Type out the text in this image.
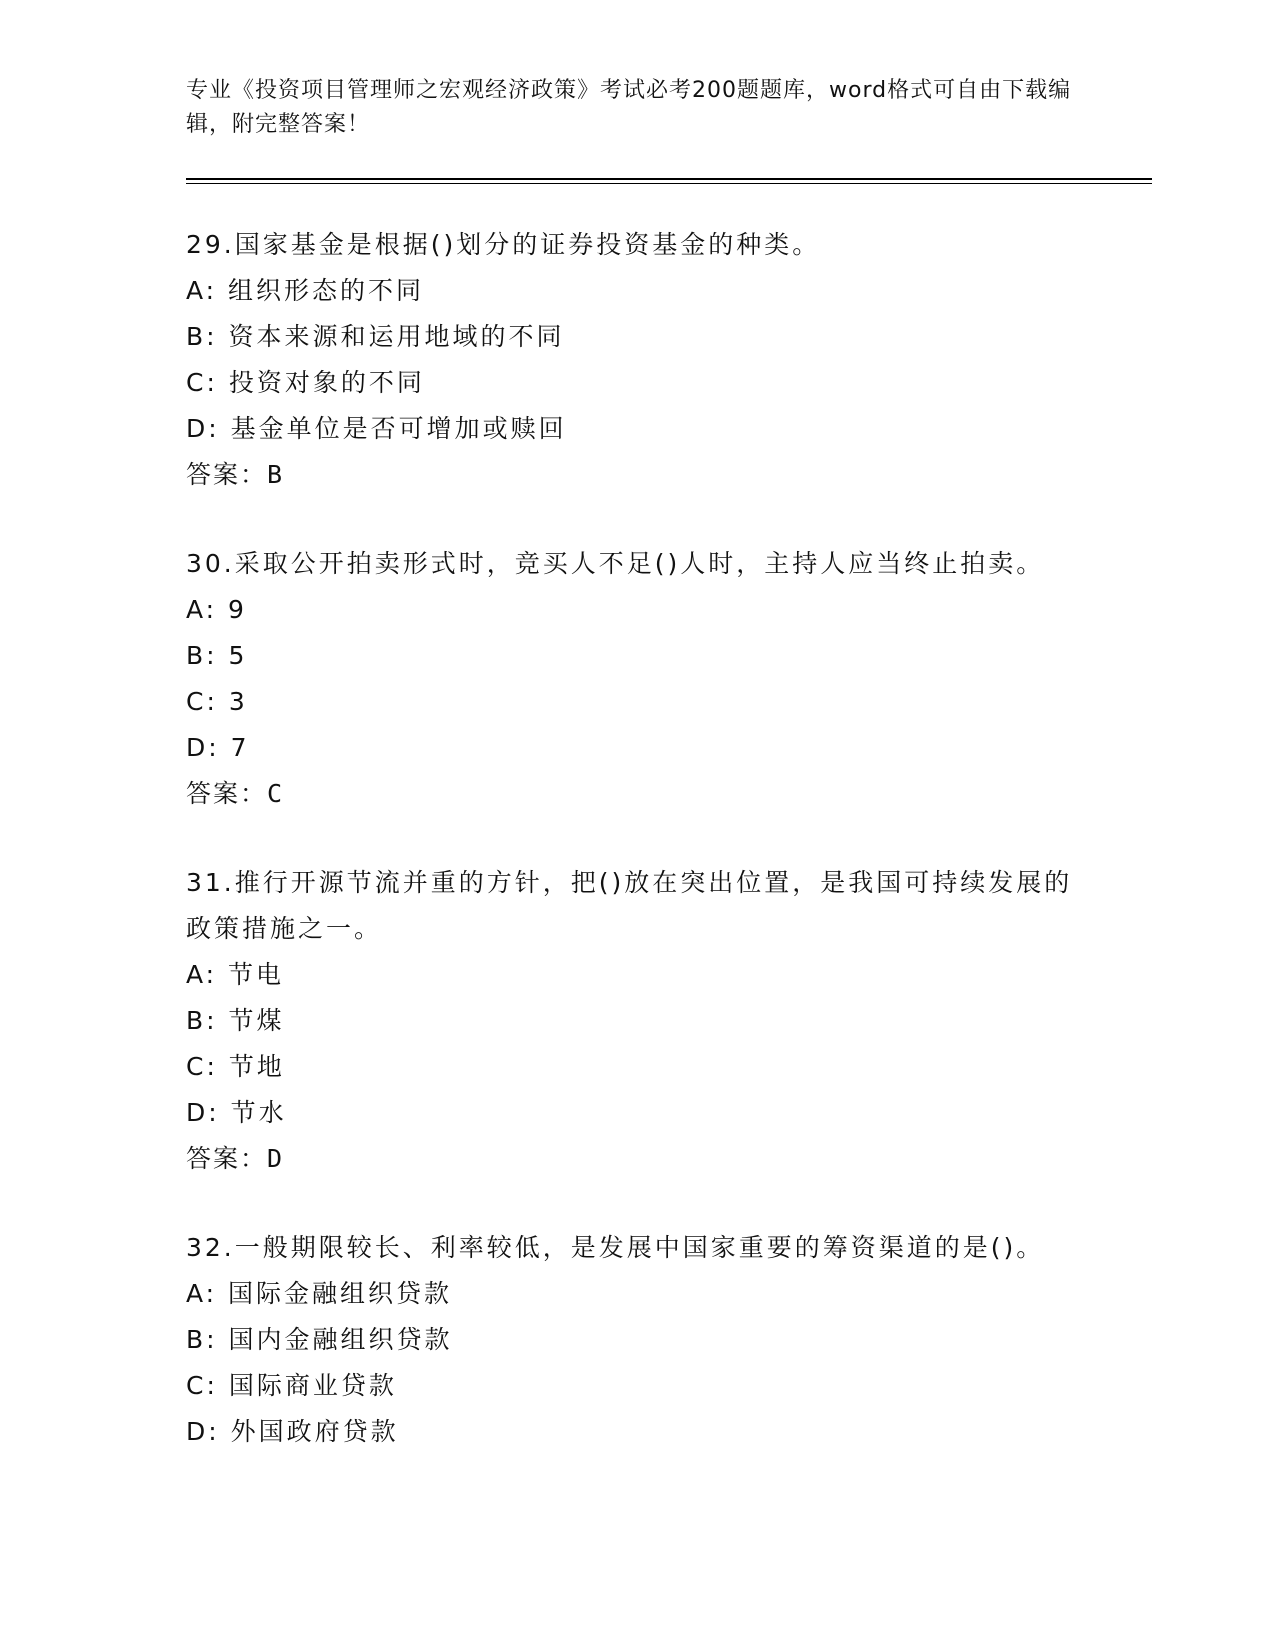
专业《投资项目管理师之宏观经济政策》考试必考200题题库，word格式可自由下载编辑，附完整答案！

29.国家基金是根据()划分的证券投资基金的种类。

A: 组织形态的不同

B: 资本来源和运用地域的不同

C: 投资对象的不同

D: 基金单位是否可增加或赎回

答案：B

30.采取公开拍卖形式时，竞买人不足()人时，主持人应当终止拍卖。

A: 9

B: 5

C: 3

D: 7

答案：C

31.推行开源节流并重的方针，把()放在突出位置，是我国可持续发展的政策措施之一。

A: 节电

B: 节煤

C: 节地

D: 节水

答案：D

32.一般期限较长、利率较低，是发展中国家重要的筹资渠道的是()。

A: 国际金融组织贷款

B: 国内金融组织贷款

C: 国际商业贷款

D: 外国政府贷款
